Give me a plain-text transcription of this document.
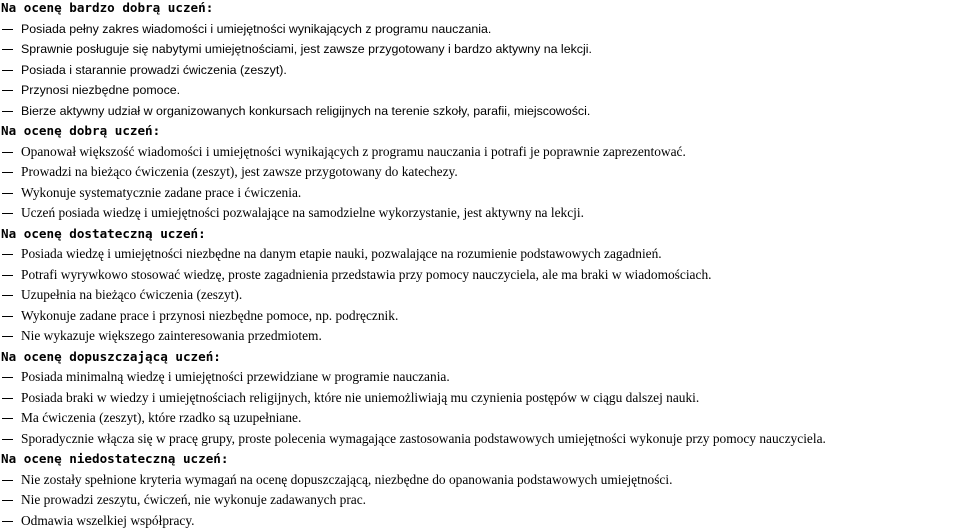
Na ocenę bardzo dobrą uczeń:
Posiada pełny zakres wiadomości i umiejętności wynikających z programu nauczania.
Sprawnie posługuje się nabytymi umiejętnościami, jest zawsze przygotowany i bardzo aktywny na lekcji.
Posiada i starannie prowadzi ćwiczenia (zeszyt).
Przynosi niezbędne pomoce.
Bierze aktywny udział w organizowanych konkursach religijnych na terenie szkoły, parafii, miejscowości.
Na ocenę dobrą uczeń:
Opanował większość wiadomości i umiejętności wynikających z programu nauczania i potrafi je poprawnie zaprezentować.
Prowadzi na bieżąco ćwiczenia (zeszyt), jest zawsze przygotowany do katechezy.
Wykonuje systematycznie zadane prace i ćwiczenia.
Uczeń posiada wiedzę i umiejętności pozwalające na samodzielne wykorzystanie, jest aktywny na lekcji.
Na ocenę dostateczną uczeń:
Posiada wiedzę i umiejętności niezbędne na danym etapie nauki, pozwalające na rozumienie podstawowych zagadnień.
Potrafi wyrywkowo stosować wiedzę, proste zagadnienia przedstawia przy pomocy nauczyciela, ale ma braki w wiadomościach.
Uzupełnia na bieżąco ćwiczenia (zeszyt).
Wykonuje zadane prace i przynosi niezbędne pomoce, np. podręcznik.
Nie wykazuje większego zainteresowania przedmiotem.
Na ocenę dopuszczającą uczeń:
Posiada minimalną wiedzę i umiejętności przewidziane w programie nauczania.
Posiada braki w wiedzy i umiejętnościach religijnych, które nie uniemożliwiają mu czynienia postępów w ciągu dalszej nauki.
Ma ćwiczenia (zeszyt), które rzadko są uzupełniane.
Sporadycznie włącza się w pracę grupy, proste polecenia wymagające zastosowania podstawowych umiejętności wykonuje przy pomocy nauczyciela.
Na ocenę niedostateczną uczeń:
Nie zostały spełnione kryteria wymagań na ocenę dopuszczającą, niezbędne do opanowania podstawowych umiejętności.
Nie prowadzi zeszytu, ćwiczeń, nie wykonuje zadawanych prac.
Odmawia wszelkiej współpracy.
